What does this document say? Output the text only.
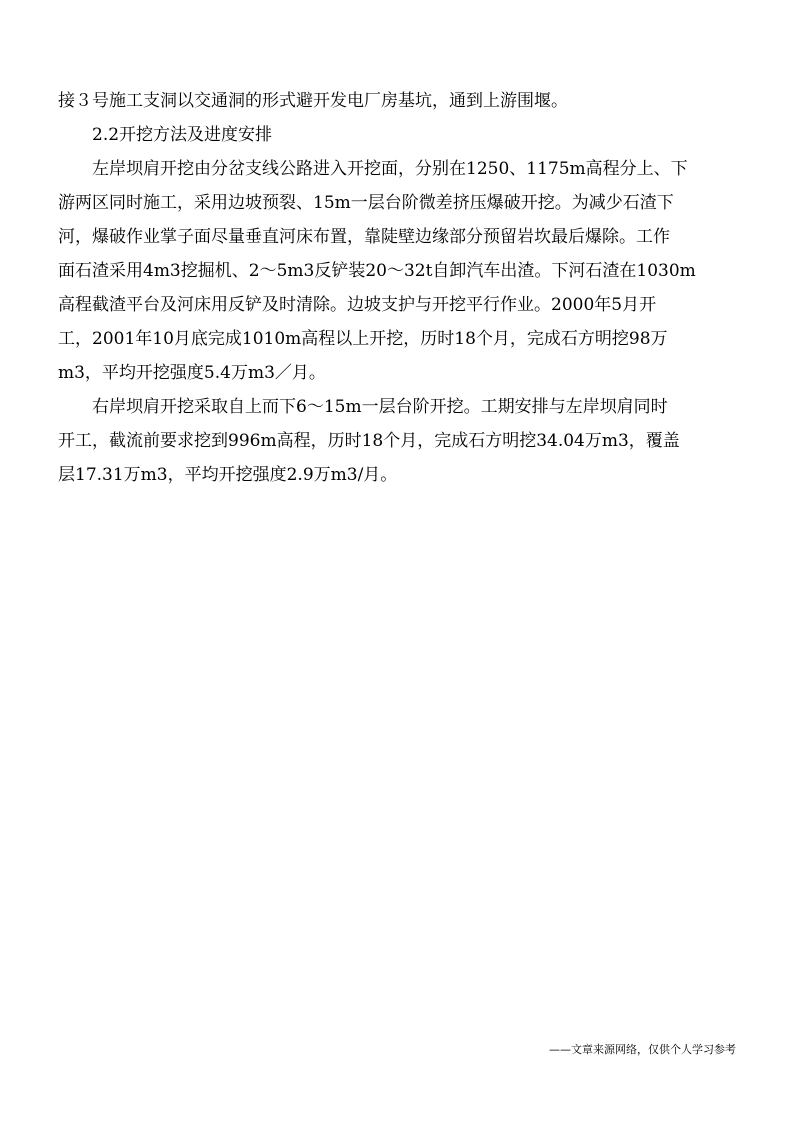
接３号施工支洞以交通洞的形式避开发电厂房基坑，通到上游围堰。
2.2开挖方法及进度安排
左岸坝肩开挖由分岔支线公路进入开挖面，分别在1250、1175m高程分上、下
游两区同时施工，采用边坡预裂、15m一层台阶微差挤压爆破开挖。为减少石渣下
河，爆破作业掌子面尽量垂直河床布置，靠陡壁边缘部分预留岩坎最后爆除。工作
面石渣采用4m3挖掘机、2～5m3反铲装20～32t自卸汽车出渣。下河石渣在1030m
高程截渣平台及河床用反铲及时清除。边坡支护与开挖平行作业。2000年5月开
工，2001年10月底完成1010m高程以上开挖，历时18个月，完成石方明挖98万
m3，平均开挖强度5.4万m3／月。
右岸坝肩开挖采取自上而下6～15m一层台阶开挖。工期安排与左岸坝肩同时
开工，截流前要求挖到996m高程，历时18个月，完成石方明挖34.04万m3，覆盖
层17.31万m3，平均开挖强度2.9万m3/月。
——文章来源网络，仅供个人学习参考
